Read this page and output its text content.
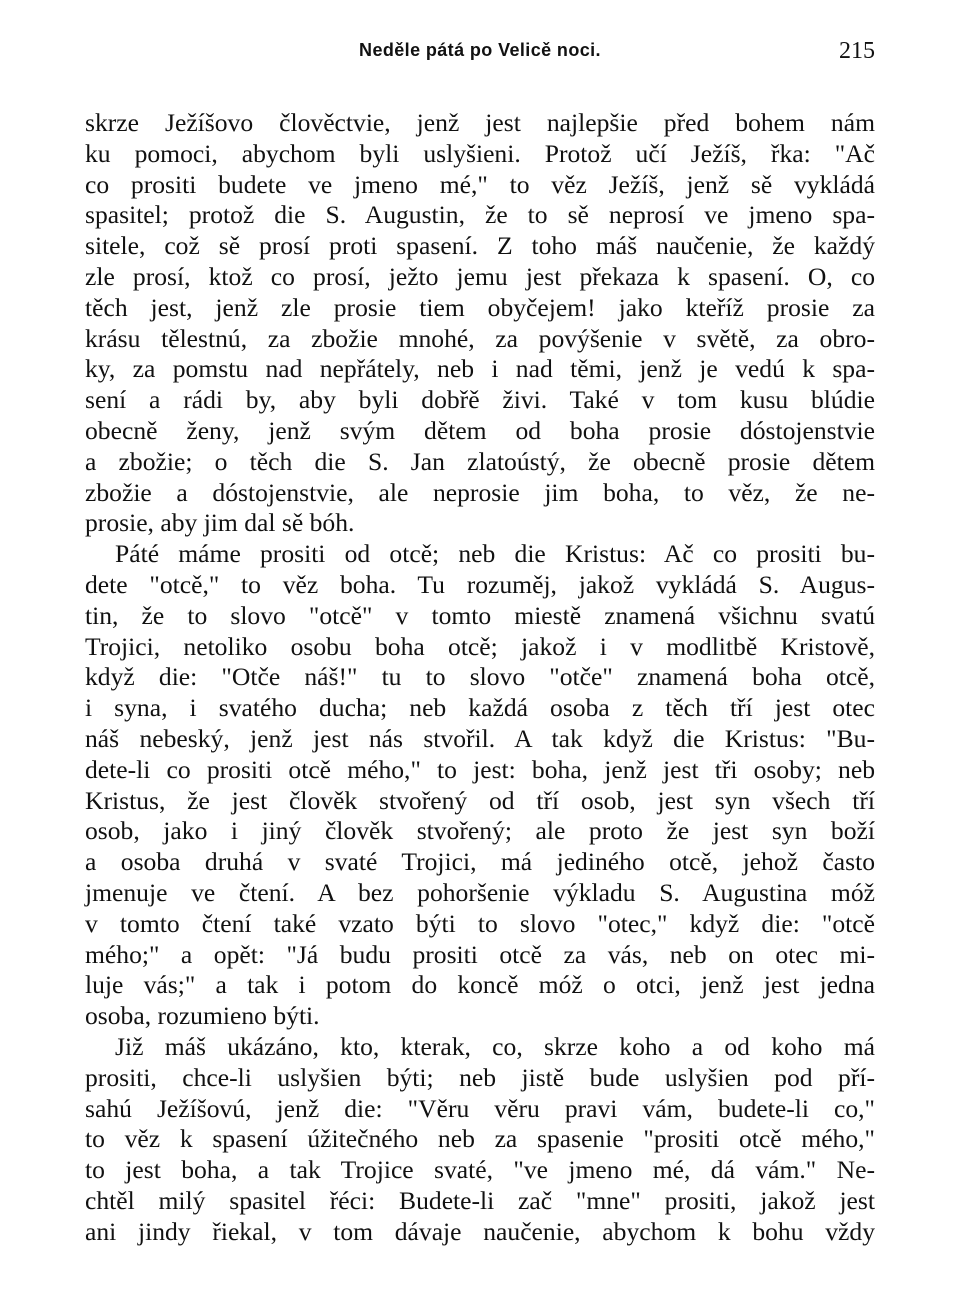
Neděle pátá po Velicě noci.	215
skrze Ježíšovo člověctvie, jenž jest najlepšie před bohem nám
ku pomoci, abychom byli uslyšieni. Protož učí Ježíš, řka: "Ač
co prositi budete ve jmeno mé," to věz Ježíš, jenž sě vykládá
spasitel; protož die S. Augustin, že to sě neprosí ve jmeno spa-
sitele, což sě prosí proti spasení. Z toho máš naučenie, že každý
zle prosí, ktož co prosí, ježto jemu jest překaza k spasení. O, co
těch jest, jenž zle prosie tiem obyčejem! jako kteříž prosie za
krásu tělestnú, za zbožie mnohé, za povýšenie v světě, za obro-
ky, za pomstu nad nepřátely, neb i nad těmi, jenž je vedú k spa-
sení a rádi by, aby byli dobřě živi. Také v tom kusu blúdie
obecně ženy, jenž svým dětem od boha prosie dóstojenstvie
a zbožie; o těch die S. Jan zlatoústý, že obecně prosie dětem
zbožie a dóstojenstvie, ale neprosie jim boha, to věz, že ne-
prosie, aby jim dal sě bóh.
Páté máme prositi od otcě; neb die Kristus: Ač co prositi bu-
dete "otcě," to věz boha. Tu rozuměj, jakož vykládá S. Augus-
tin, že to slovo "otcě" v tomto miestě znamená všichnu svatú
Trojici, netoliko osobu boha otcě; jakož i v modlitbě Kristově,
když die: "Otče náš!" tu to slovo "otče" znamená boha otcě,
i syna, i svatého ducha; neb každá osoba z těch tří jest otec
náš nebeský, jenž jest nás stvořil. A tak když die Kristus: "Bu-
dete-li co prositi otcě mého," to jest: boha, jenž jest tři osoby; neb
Kristus, že jest člověk stvořený od tří osob, jest syn všech tří
osob, jako i jiný člověk stvořený; ale proto že jest syn boží
a osoba druhá v svaté Trojici, má jediného otcě, jehož často
jmenuje ve čtení. A bez pohoršenie výkladu S. Augustina móž
v tomto čtení také vzato býti to slovo "otec," když die: "otcě
mého;" a opět: "Já budu prositi otcě za vás, neb on otec mi-
luje vás;" a tak i potom do koncě móž o otci, jenž jest jedna
osoba, rozumieno býti.
Již máš ukázáno, kto, kterak, co, skrze koho a od koho má
prositi, chce-li uslyšien býti; neb jistě bude uslyšien pod pří-
sahú Ježíšovú, jenž die: "Věru věru pravi vám, budete-li co,"
to věz k spasení úžitečného neb za spasenie "prositi otcě mého,"
to jest boha, a tak Trojice svaté, "ve jmeno mé, dá vám." Ne-
chtěl milý spasitel řéci: Budete-li zač "mne" prositi, jakož jest
ani jindy řiekal, v tom dávaje naučenie, abychom k bohu vždy
